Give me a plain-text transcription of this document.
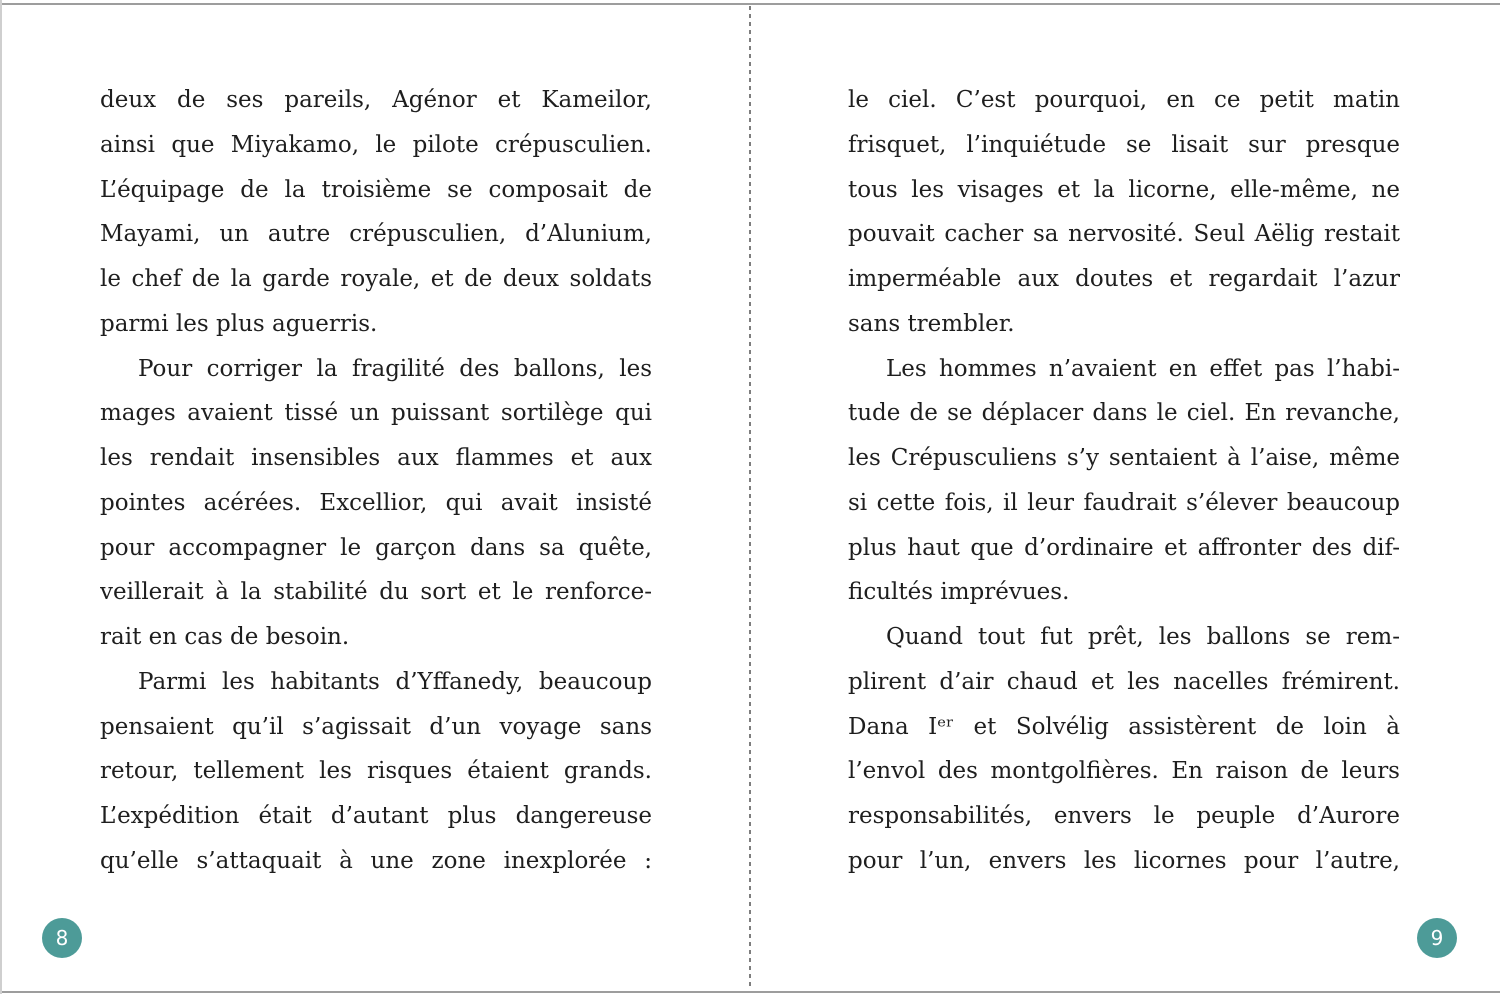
deux de ses pareils, Agénor et Kameilor,
ainsi que Miyakamo, le pilote crépusculien.
L’équipage de la troisième se composait de
Mayami, un autre crépusculien, d’Alunium,
le chef de la garde royale, et de deux soldats
parmi les plus aguerris.
Pour corriger la fragilité des ballons, les
mages avaient tissé un puissant sortilège qui
les rendait insensibles aux flammes et aux
pointes acérées. Excellior, qui avait insisté
pour accompagner le garçon dans sa quête,
veillerait à la stabilité du sort et le renforce-
rait en cas de besoin.
Parmi les habitants d’Yffanedy, beaucoup
pensaient qu’il s’agissait d’un voyage sans
retour, tellement les risques étaient grands.
L’expédition était d’autant plus dangereuse
qu’elle s’attaquait à une zone inexplorée :
le ciel. C’est pourquoi, en ce petit matin
frisquet, l’inquiétude se lisait sur presque
tous les visages et la licorne, elle-même, ne
pouvait cacher sa nervosité. Seul Aëlig restait
imperméable aux doutes et regardait l’azur
sans trembler.
Les hommes n’avaient en effet pas l’habi-
tude de se déplacer dans le ciel. En revanche,
les Crépusculiens s’y sentaient à l’aise, même
si cette fois, il leur faudrait s’élever beaucoup
plus haut que d’ordinaire et affronter des dif-
ficultés imprévues.
Quand tout fut prêt, les ballons se rem-
plirent d’air chaud et les nacelles frémirent.
Dana Iᵉʳ et Solvélig assistèrent de loin à
l’envol des montgolfières. En raison de leurs
responsabilités, envers le peuple d’Aurore
pour l’un, envers les licornes pour l’autre,
8	9
